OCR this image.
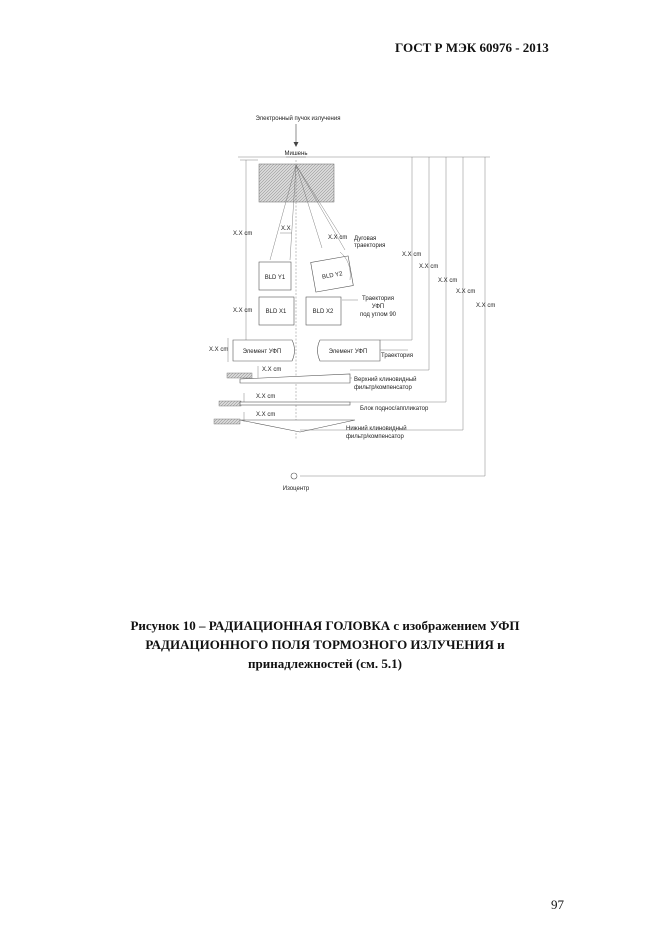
ГОСТ Р МЭК 60976 - 2013
Электронный пучок излучения
Мишень
X.X cm
X.X cm
X.X cm
X.X
BLD Y1	BLD Y2
X.X cm Дуговая
траектория
BLD X1	BLD X2
Траектория
УФП
под углом 90
Элемент УФП	Элемент УФП
Траектория
X.X cm
Верхний клиновидный
фильтр/компенсатор
X.X cm
Блок поднос/аппликатор
X.X cm
Нижний клиновидный
фильтр/компенсатор
X.X cm
X.X cm
X.X cm
X.X cm
X.X cm
Изоцентр
Рисунок 10 – РАДИАЦИОННАЯ ГОЛОВКА с изображением УФП
РАДИАЦИОННОГО ПОЛЯ ТОРМОЗНОГО ИЗЛУЧЕНИЯ и
принадлежностей (см. 5.1)
97
